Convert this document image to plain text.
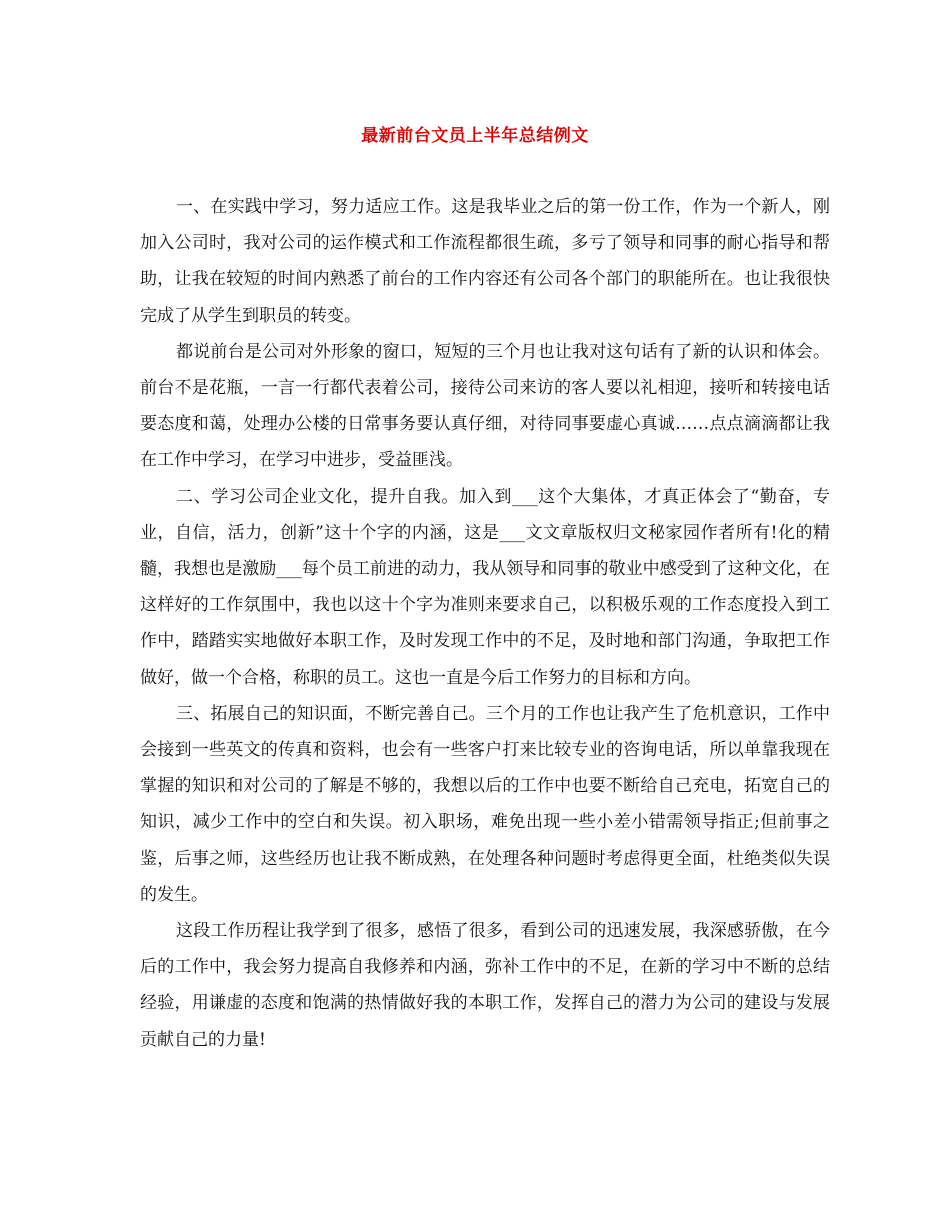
最新前台文员上半年总结例文

一、在实践中学习，努力适应工作。这是我毕业之后的第一份工作，作为一个新人，刚加入公司时，我对公司的运作模式和工作流程都很生疏，多亏了领导和同事的耐心指导和帮助，让我在较短的时间内熟悉了前台的工作内容还有公司各个部门的职能所在。也让我很快完成了从学生到职员的转变。

都说前台是公司对外形象的窗口，短短的三个月也让我对这句话有了新的认识和体会。前台不是花瓶，一言一行都代表着公司，接待公司来访的客人要以礼相迎，接听和转接电话要态度和蔼，处理办公楼的日常事务要认真仔细，对待同事要虚心真诚……点点滴滴都让我在工作中学习，在学习中进步，受益匪浅。

二、学习公司企业文化，提升自我。加入到___这个大集体，才真正体会了“勤奋，专业，自信，活力，创新”这十个字的内涵，这是___文文章版权归文秘家园作者所有!化的精髓，我想也是激励___每个员工前进的动力，我从领导和同事的敬业中感受到了这种文化，在这样好的工作氛围中，我也以这十个字为准则来要求自己，以积极乐观的工作态度投入到工作中，踏踏实实地做好本职工作，及时发现工作中的不足，及时地和部门沟通，争取把工作做好，做一个合格，称职的员工。这也一直是今后工作努力的目标和方向。

三、拓展自己的知识面，不断完善自己。三个月的工作也让我产生了危机意识，工作中会接到一些英文的传真和资料，也会有一些客户打来比较专业的咨询电话，所以单靠我现在掌握的知识和对公司的了解是不够的，我想以后的工作中也要不断给自己充电，拓宽自己的知识，减少工作中的空白和失误。初入职场，难免出现一些小差小错需领导指正;但前事之鉴，后事之师，这些经历也让我不断成熟，在处理各种问题时考虑得更全面，杜绝类似失误的发生。

这段工作历程让我学到了很多，感悟了很多，看到公司的迅速发展，我深感骄傲，在今后的工作中，我会努力提高自我修养和内涵，弥补工作中的不足，在新的学习中不断的总结经验，用谦虚的态度和饱满的热情做好我的本职工作，发挥自己的潜力为公司的建设与发展贡献自己的力量!
